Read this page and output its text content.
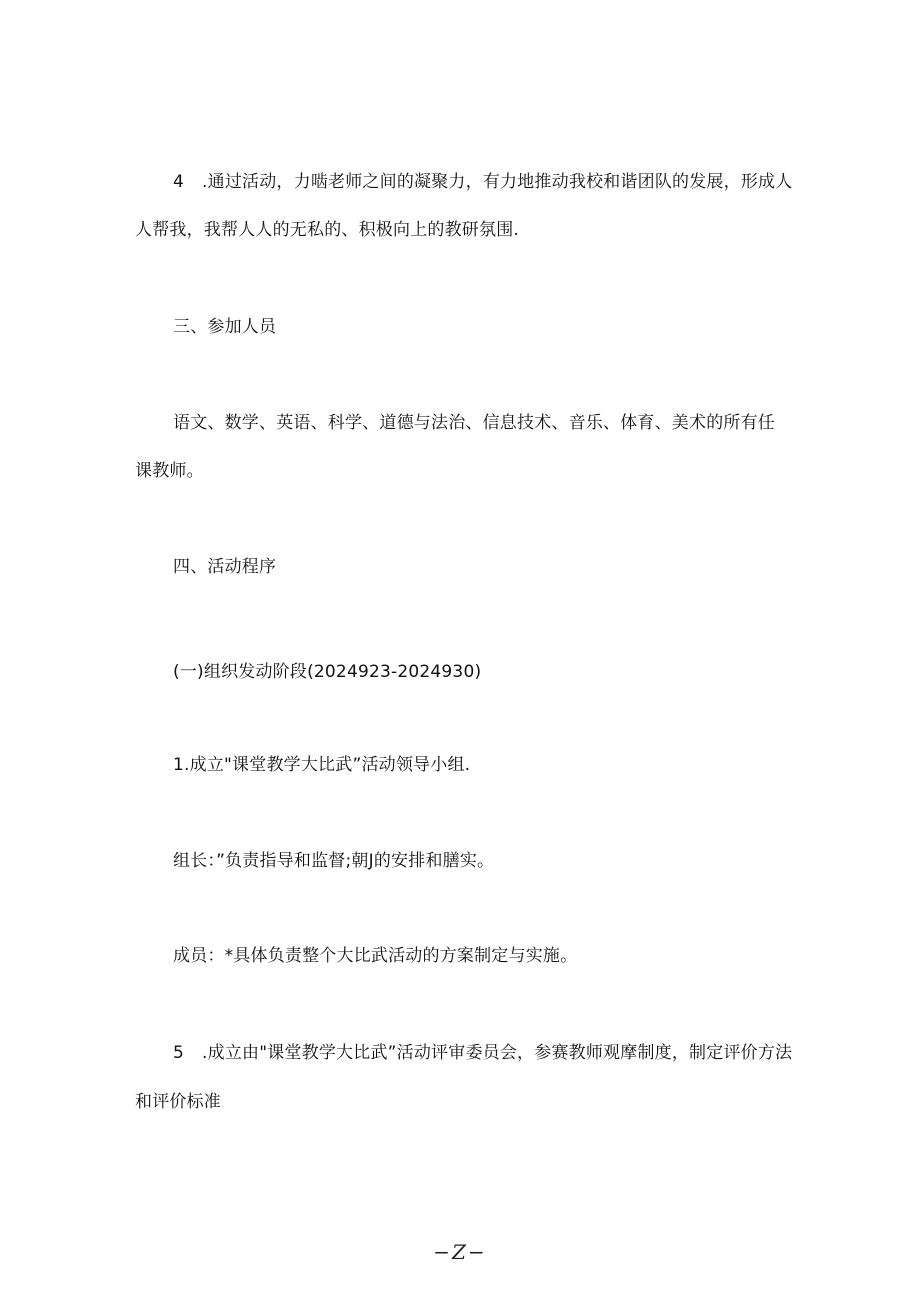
4 .通过活动，力啮老师之间的凝聚力，有力地推动我校和谐团队的发展，形成人
人帮我，我帮人人的无私的、积极向上的教研氛围.
三、参加人员
语文、数学、英语、科学、道德与法治、信息技术、音乐、体育、美术的所有任
课教师。
四、活动程序
(一)组织发动阶段(2024923-2024930)
1.成立"课堂教学大比武”活动领导小组.
组长：”负责指导和监督;朝J的安排和膳实。
成员：*具体负责整个大比武活动的方案制定与实施。
5 .成立由"课堂教学大比武”活动评审委员会，参赛教师观摩制度，制定评价方法
和评价标准
−Z−
